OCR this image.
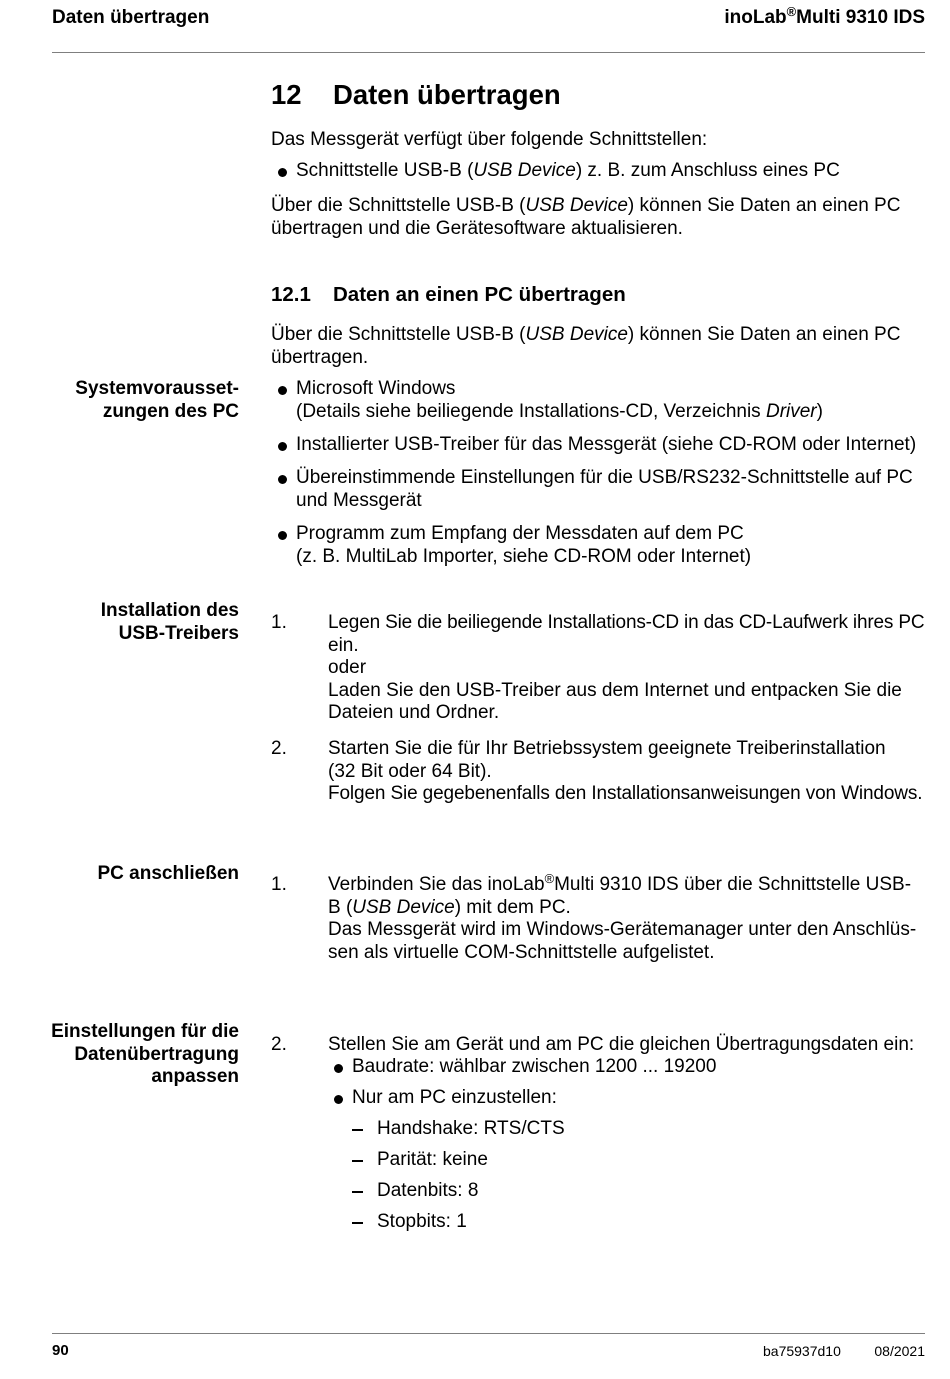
Daten übertragen	inoLab®Multi 9310 IDS
12 Daten übertragen
Das Messgerät verfügt über folgende Schnittstellen:
Schnittstelle USB-B (USB Device) z. B. zum Anschluss eines PC
Über die Schnittstelle USB-B (USB Device) können Sie Daten an einen PC
übertragen und die Gerätesoftware aktualisieren.
12.1 Daten an einen PC übertragen
Über die Schnittstelle USB-B (USB Device) können Sie Daten an einen PC
übertragen.
Systemvorausset-
zungen des PC
Microsoft Windows
(Details siehe beiliegende Installations-CD, Verzeichnis Driver)
Installierter USB-Treiber für das Messgerät (siehe CD-ROM oder Internet)
Übereinstimmende Einstellungen für die USB/RS232-Schnittstelle auf PC
und Messgerät
Programm zum Empfang der Messdaten auf dem PC
(z. B. MultiLab Importer, siehe CD-ROM oder Internet)
Installation des
USB-Treibers
1. Legen Sie die beiliegende Installations-CD in das CD-Laufwerk ihres PC
ein.
oder
Laden Sie den USB-Treiber aus dem Internet und entpacken Sie die
Dateien und Ordner.
2. Starten Sie die für Ihr Betriebssystem geeignete Treiberinstallation
(32 Bit oder 64 Bit).
Folgen Sie gegebenenfalls den Installationsanweisungen von Windows.
PC anschließen
1. Verbinden Sie das inoLab®Multi 9310 IDS über die Schnittstelle USB-
B (USB Device) mit dem PC.
Das Messgerät wird im Windows-Gerätemanager unter den Anschlüs-
sen als virtuelle COM-Schnittstelle aufgelistet.
Einstellungen für die
Datenübertragung
anpassen
2. Stellen Sie am Gerät und am PC die gleichen Übertragungsdaten ein:
Baudrate: wählbar zwischen 1200 ... 19200
Nur am PC einzustellen:
Handshake: RTS/CTS
Parität: keine
Datenbits: 8
Stopbits: 1
90	ba75937d10 08/2021
